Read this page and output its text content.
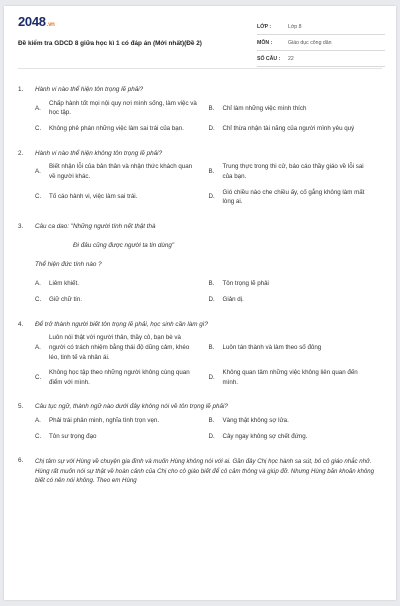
2048.vn
Đề kiểm tra GDCD 8 giữa học kì 1 có đáp án (Mới nhất)(Đề 2)
LỚP :	Lớp 8
MÔN :	Giáo dục công dân
SỐ CÂU :	22
1.	Hành vi nào thể hiện tôn trọng lẽ phải?
A.
Chấp hành tốt mọi nội quy nơi mình sống, làm việc và học tập.
B.	Chỉ làm những việc mình thích
C.	Không phê phán những việc làm sai trái của bạn.	D.	Chỉ thừa nhận tài năng của người mình yêu quý
2.	Hành vi nào thể hiện không tôn trọng lẽ phải?
A.
Biết nhận lỗi của bản thân và nhận thức khách quan về người khác.
B.
Trung thực trong thi cử, báo cáo thầy giáo về lỗi sai của bạn.
C.	Tố cáo hành vi, việc làm sai trái.	D.
Gió chiều nào che chiều ấy, cố gắng không làm mất lòng ai.
3.	Câu ca dao: "Những người tính nết thật thà
Đi đâu cũng được người ta tin dùng"
Thể hiện đức tính nào ?
A.	Liêm khiết.	B.	Tôn trọng lẽ phải
C.	Giữ chữ tín.	D.	Giản dị.
4.	Để trở thành người biết tôn trọng lẽ phải, học sinh cần làm gì?
A.
Luôn nói thật với người thân, thầy cô, bạn bè và người có trách nhiệm bằng thái độ dũng cảm, khéo léo, tinh tế và nhân ái.
B.	Luôn tán thành và làm theo số đông
C.
Không học tập theo những người không cùng quan điểm với mình.
D.
Không quan tâm những việc không liên quan đến mình.
5.	Câu tục ngữ, thành ngữ nào dưới đây không nói về tôn trọng lẽ phải?
A.	Phải trái phân minh, nghĩa tình trọn vẹn.	B.	Vàng thật không sợ lửa.
C.	Tôn sư trọng đạo	D.	Cây ngay không sợ chết đứng.
6.	Chị tâm sự với Hùng về chuyện gia đình và muốn Hùng không nói với ai. Gần đây Chị học hành sa sút, bỏ cô giáo nhắc nhở. Hùng rất muốn nói sự thật về hoàn cảnh của Chị cho cô giáo biết để cô cảm thông và giúp đỡ. Nhưng Hùng băn khoăn không biết có nên nói không. Theo em Hùng
